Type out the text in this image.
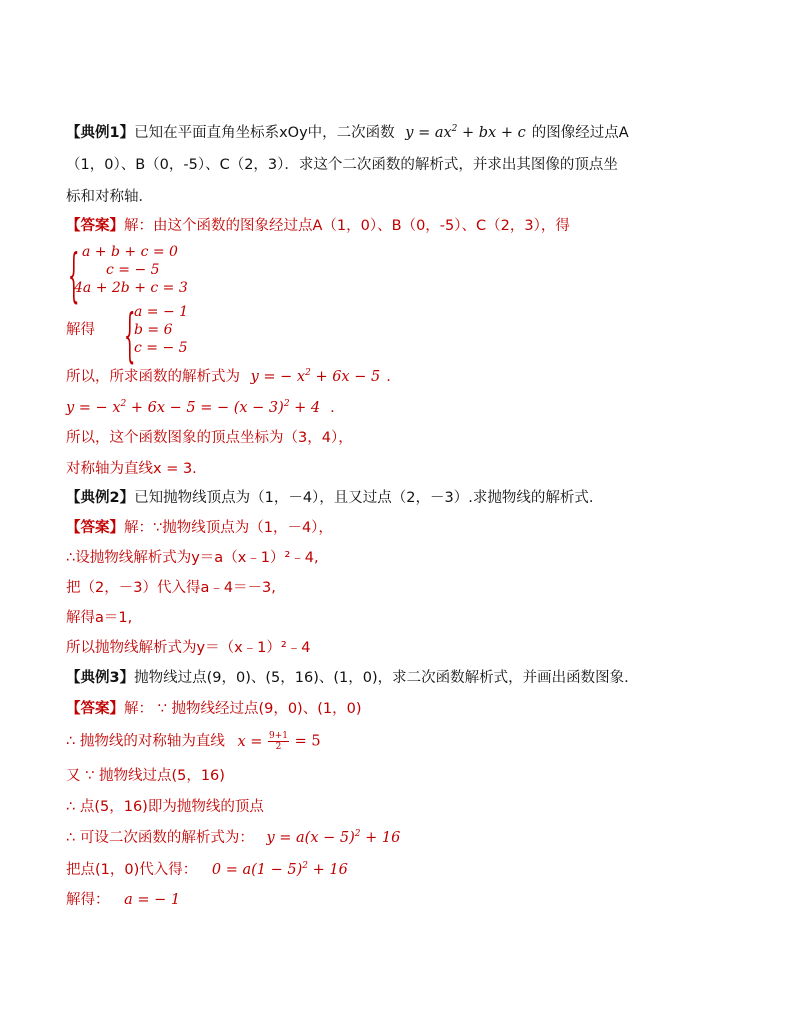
【典例1】已知在平面直角坐标系xOy中，二次函数 $y = ax^2$ + bx + c 的图像经过点A
（1，0）、B（0，-5）、C（2，3）．求这个二次函数的解析式，并求出其图像的顶点坐
标和对称轴．
【答案】解：由这个函数的图象经过点A（1，0）、B（0，-5）、C（2，3），得
{ a + b + c = 0
c = − 5
4a + 2b + c = 3
解得 {
a = − 1
b = 6
c = − 5
所以，所求函数的解析式为 y = − $x^2 + 6x - 5$ .
y = − $x^2 + 6x - 5$ = − $(x - 3)^2 + 4$ .
所以，这个函数图象的顶点坐标为（3，4），
对称轴为直线x = 3.
【典例2】已知抛物线顶点为（1，－4），且又过点（2，－3）.求抛物线的解析式.
【答案】解：∵抛物线顶点为（1，－4），
∴设抛物线解析式为y＝a（x﹣1）²﹣4,
把（2，－3）代入得a﹣4＝－3,
解得a＝1,
所以抛物线解析式为y＝（x﹣1）²﹣4
【典例3】抛物线过点(9，0)、(5，16)、(1，0)，求二次函数解析式，并画出函数图象.
【答案】解： ∵ 抛物线经过点(9，0)、(1，0)
∴ 抛物线的对称轴为直线 $x = \frac{9+1}{2} = 5$
又 ∵ 抛物线过点(5，16)
∴ 点(5，16)即为抛物线的顶点
∴ 可设二次函数的解析式为： $y = a(x - 5)^2 + 16$
把点(1，0)代入得： $0 = a(1 - 5)^2 + 16$
解得： a = − 1
